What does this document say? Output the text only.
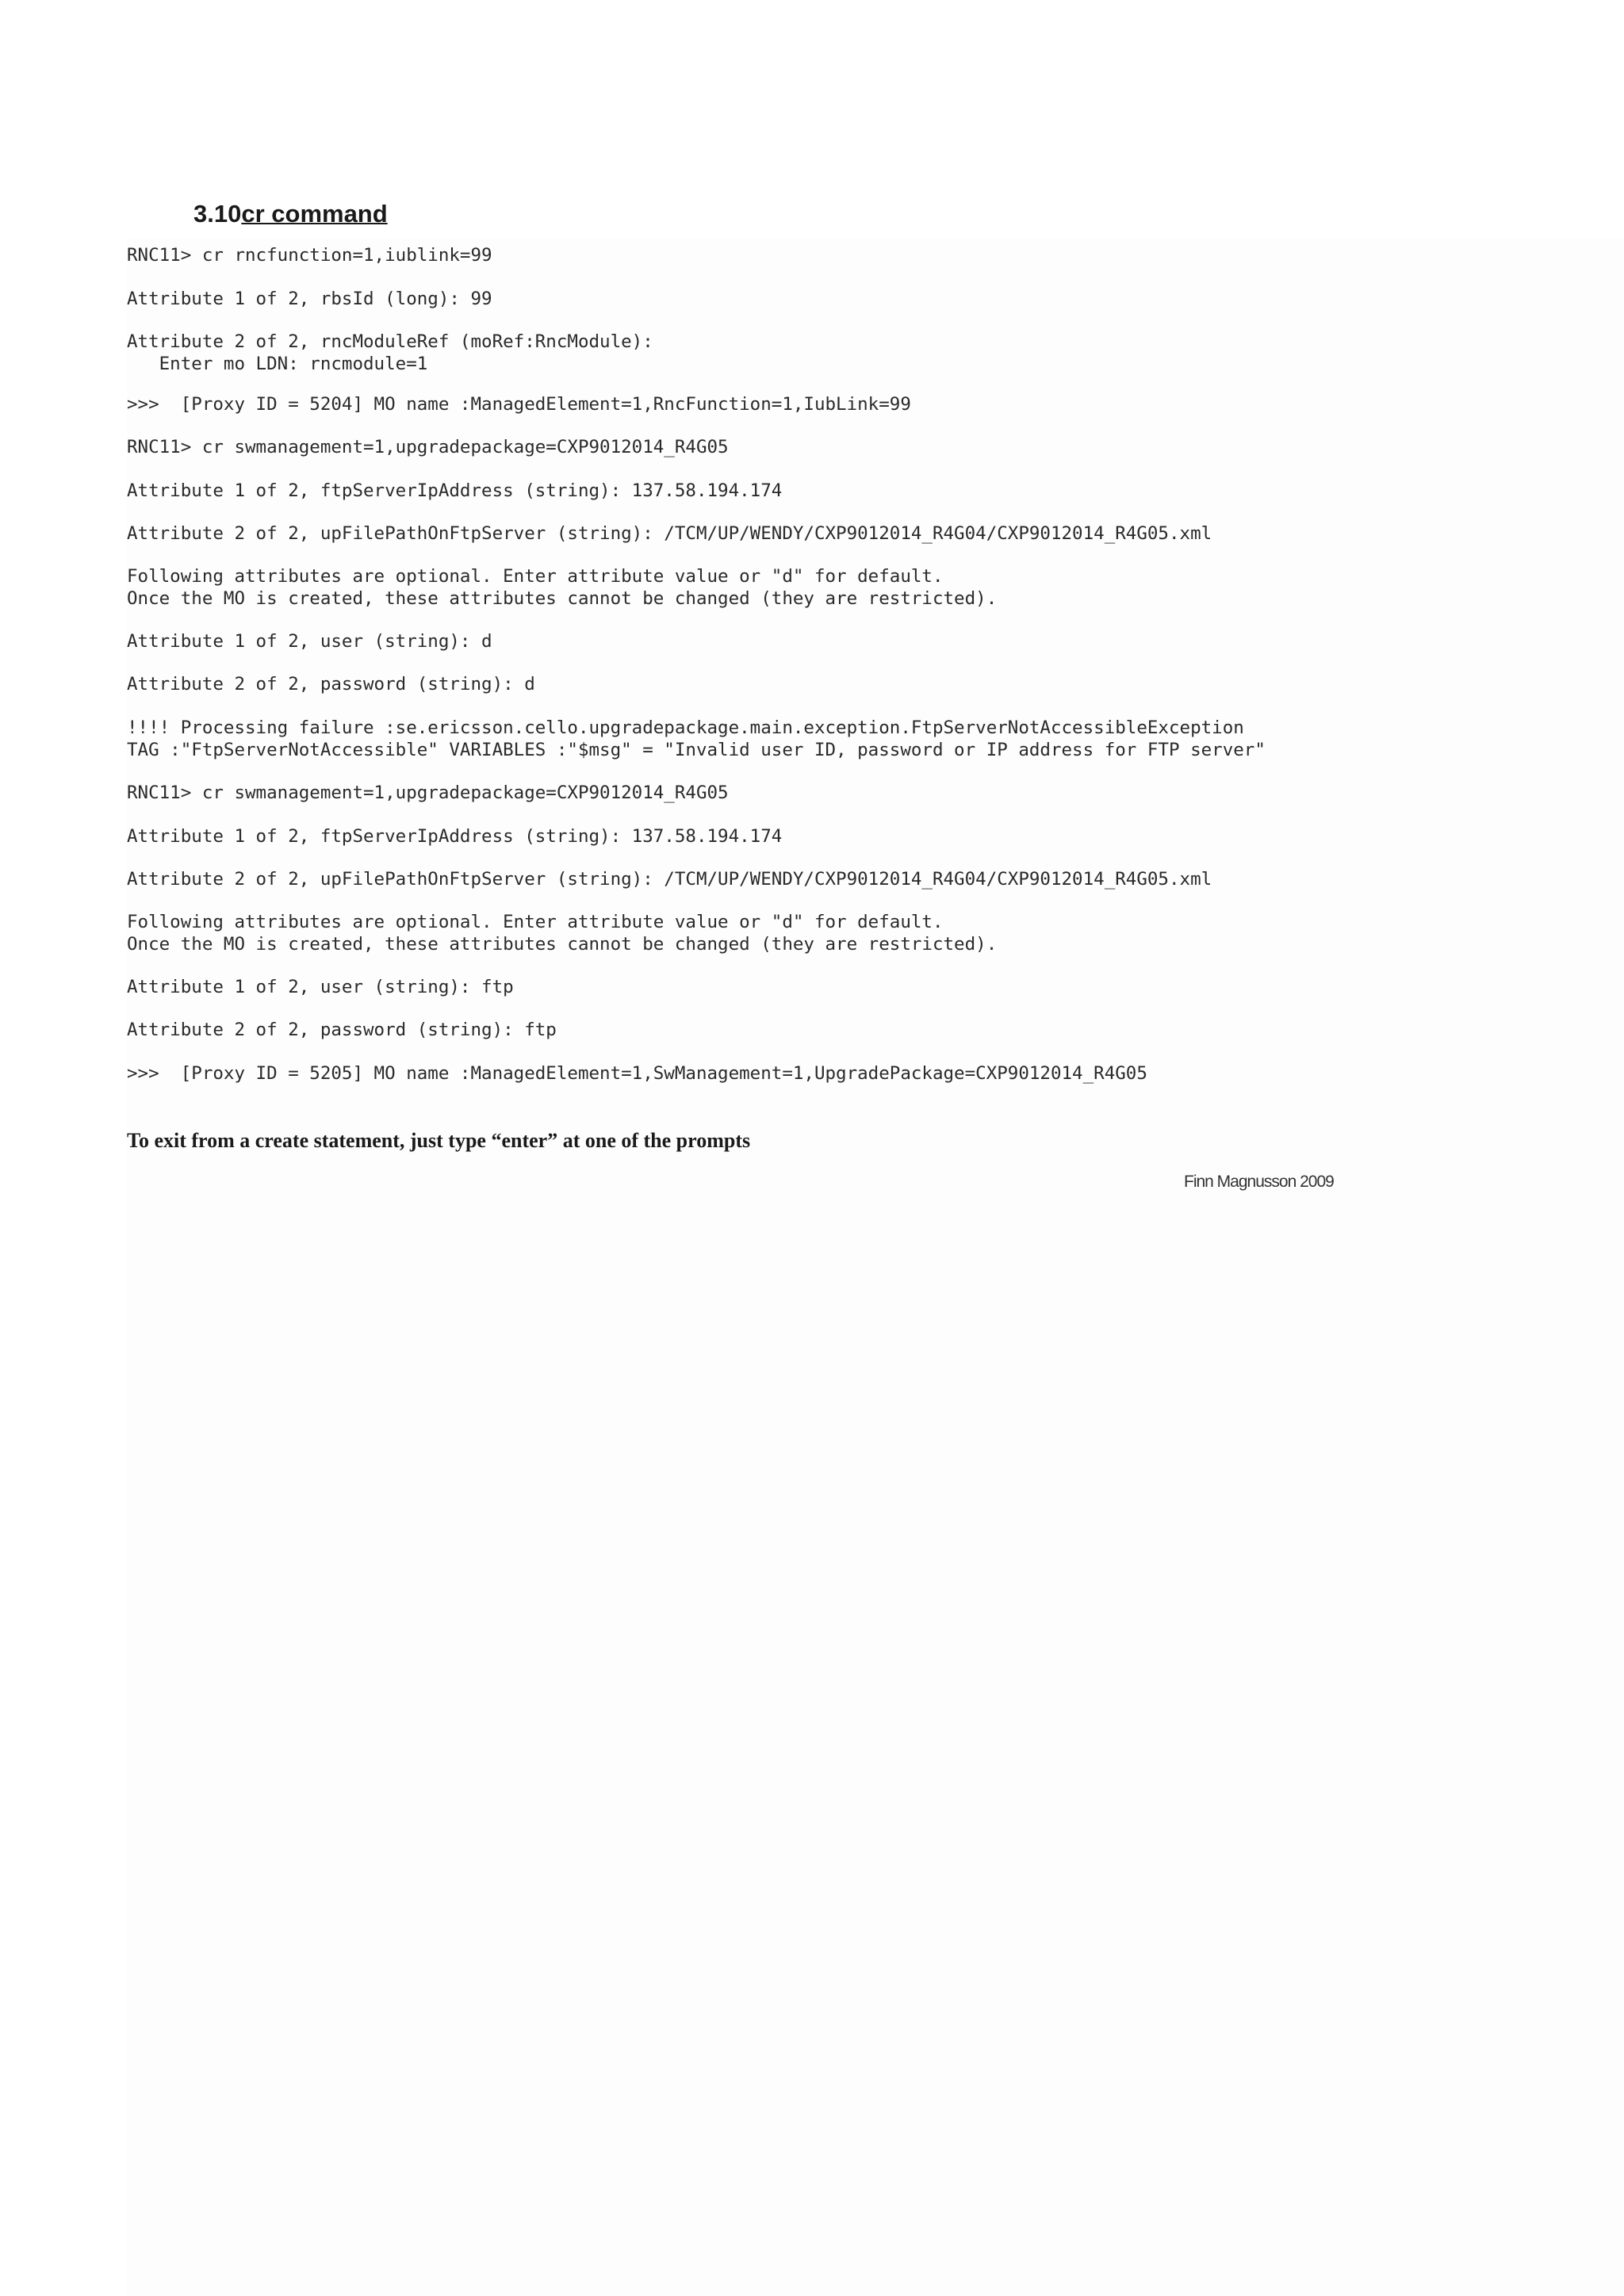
3.10cr command
RNC11> cr rncfunction=1,iublink=99
Attribute 1 of 2, rbsId (long): 99
Attribute 2 of 2, rncModuleRef (moRef:RncModule):
Enter mo LDN: rncmodule=1
>>>  [Proxy ID = 5204] MO name :ManagedElement=1,RncFunction=1,IubLink=99
RNC11> cr swmanagement=1,upgradepackage=CXP9012014_R4G05
Attribute 1 of 2, ftpServerIpAddress (string): 137.58.194.174
Attribute 2 of 2, upFilePathOnFtpServer (string): /TCM/UP/WENDY/CXP9012014_R4G04/CXP9012014_R4G05.xml
Following attributes are optional. Enter attribute value or "d" for default.
Once the MO is created, these attributes cannot be changed (they are restricted).
Attribute 1 of 2, user (string): d
Attribute 2 of 2, password (string): d
!!!! Processing failure :se.ericsson.cello.upgradepackage.main.exception.FtpServerNotAccessibleException
TAG :"FtpServerNotAccessible" VARIABLES :"$msg" = "Invalid user ID, password or IP address for FTP server"
RNC11> cr swmanagement=1,upgradepackage=CXP9012014_R4G05
Attribute 1 of 2, ftpServerIpAddress (string): 137.58.194.174
Attribute 2 of 2, upFilePathOnFtpServer (string): /TCM/UP/WENDY/CXP9012014_R4G04/CXP9012014_R4G05.xml
Following attributes are optional. Enter attribute value or "d" for default.
Once the MO is created, these attributes cannot be changed (they are restricted).
Attribute 1 of 2, user (string): ftp
Attribute 2 of 2, password (string): ftp
>>>  [Proxy ID = 5205] MO name :ManagedElement=1,SwManagement=1,UpgradePackage=CXP9012014_R4G05

To exit from a create statement, just type “enter” at one of the prompts

Finn Magnusson 2009
